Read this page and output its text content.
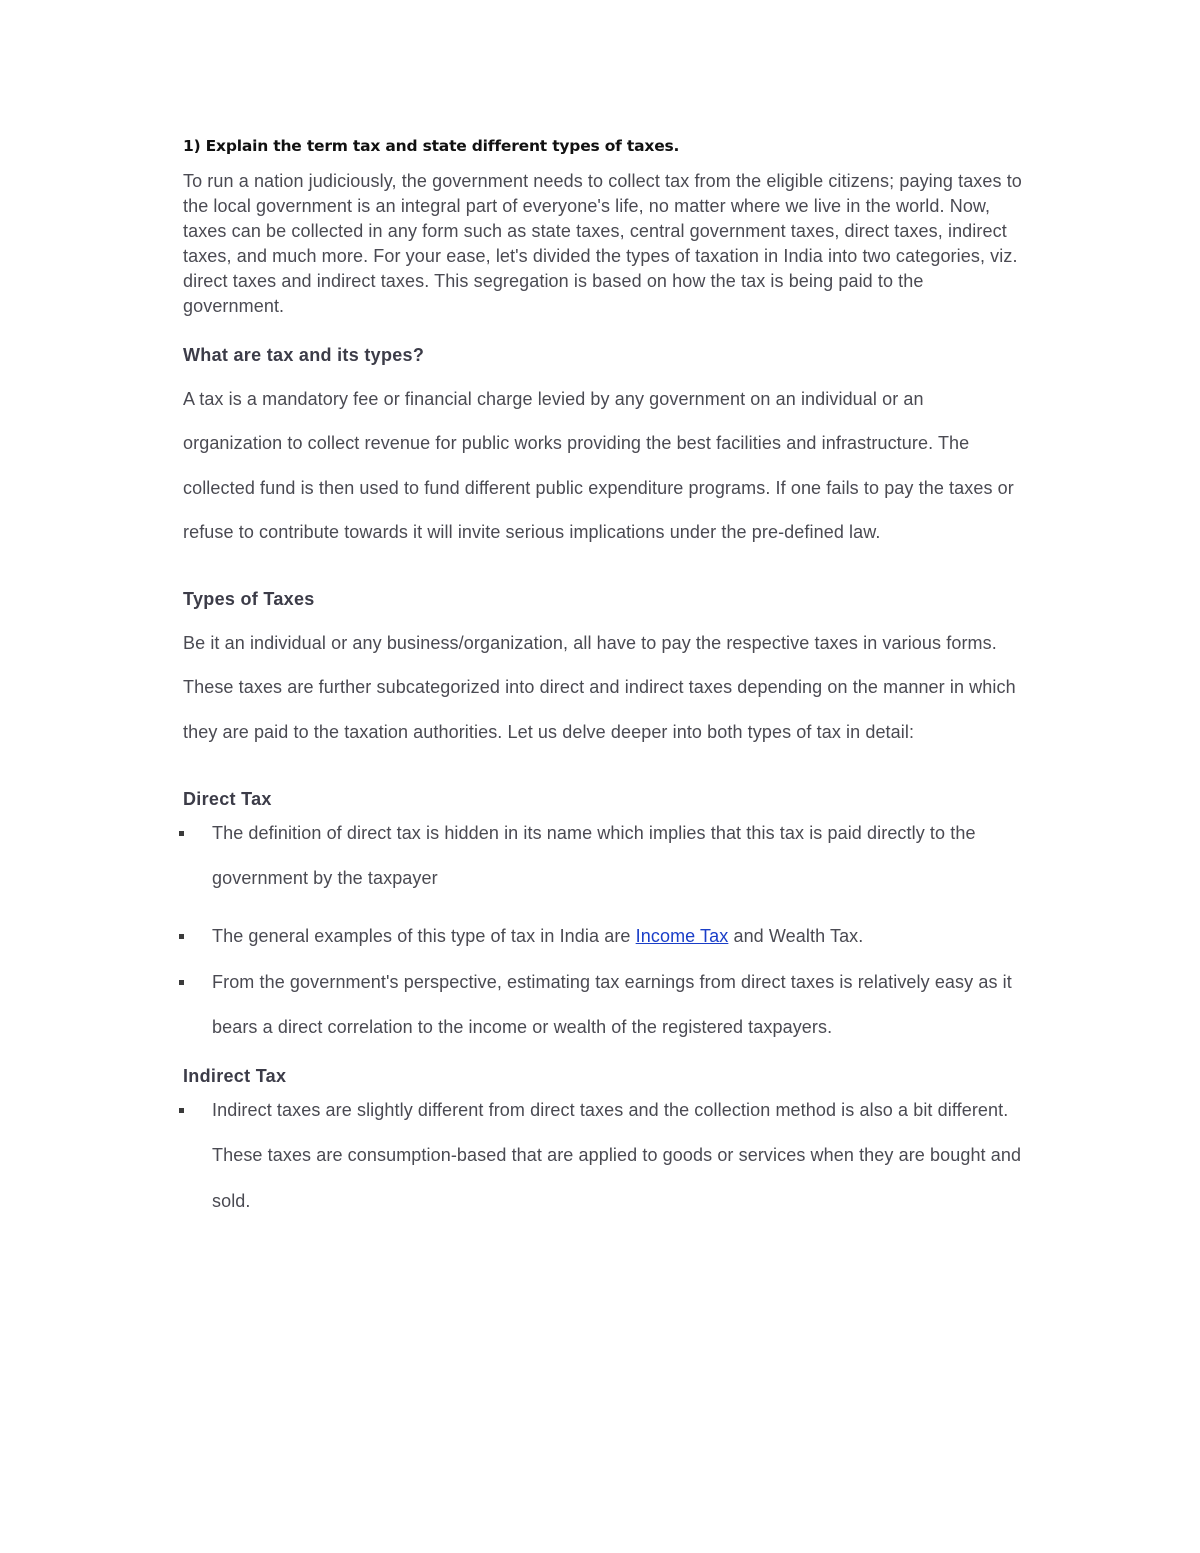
1) Explain the term tax and state different types of taxes.

To run a nation judiciously, the government needs to collect tax from the eligible citizens; paying taxes to the local government is an integral part of everyone's life, no matter where we live in the world. Now, taxes can be collected in any form such as state taxes, central government taxes, direct taxes, indirect taxes, and much more. For your ease, let's divided the types of taxation in India into two categories, viz. direct taxes and indirect taxes. This segregation is based on how the tax is being paid to the government.

What are tax and its types?

A tax is a mandatory fee or financial charge levied by any government on an individual or an organization to collect revenue for public works providing the best facilities and infrastructure. The collected fund is then used to fund different public expenditure programs. If one fails to pay the taxes or refuse to contribute towards it will invite serious implications under the pre-defined law.

Types of Taxes

Be it an individual or any business/organization, all have to pay the respective taxes in various forms. These taxes are further subcategorized into direct and indirect taxes depending on the manner in which they are paid to the taxation authorities. Let us delve deeper into both types of tax in detail:

Direct Tax

The definition of direct tax is hidden in its name which implies that this tax is paid directly to the government by the taxpayer
The general examples of this type of tax in India are Income Tax and Wealth Tax.
From the government's perspective, estimating tax earnings from direct taxes is relatively easy as it bears a direct correlation to the income or wealth of the registered taxpayers.

Indirect Tax

Indirect taxes are slightly different from direct taxes and the collection method is also a bit different. These taxes are consumption-based that are applied to goods or services when they are bought and sold.
